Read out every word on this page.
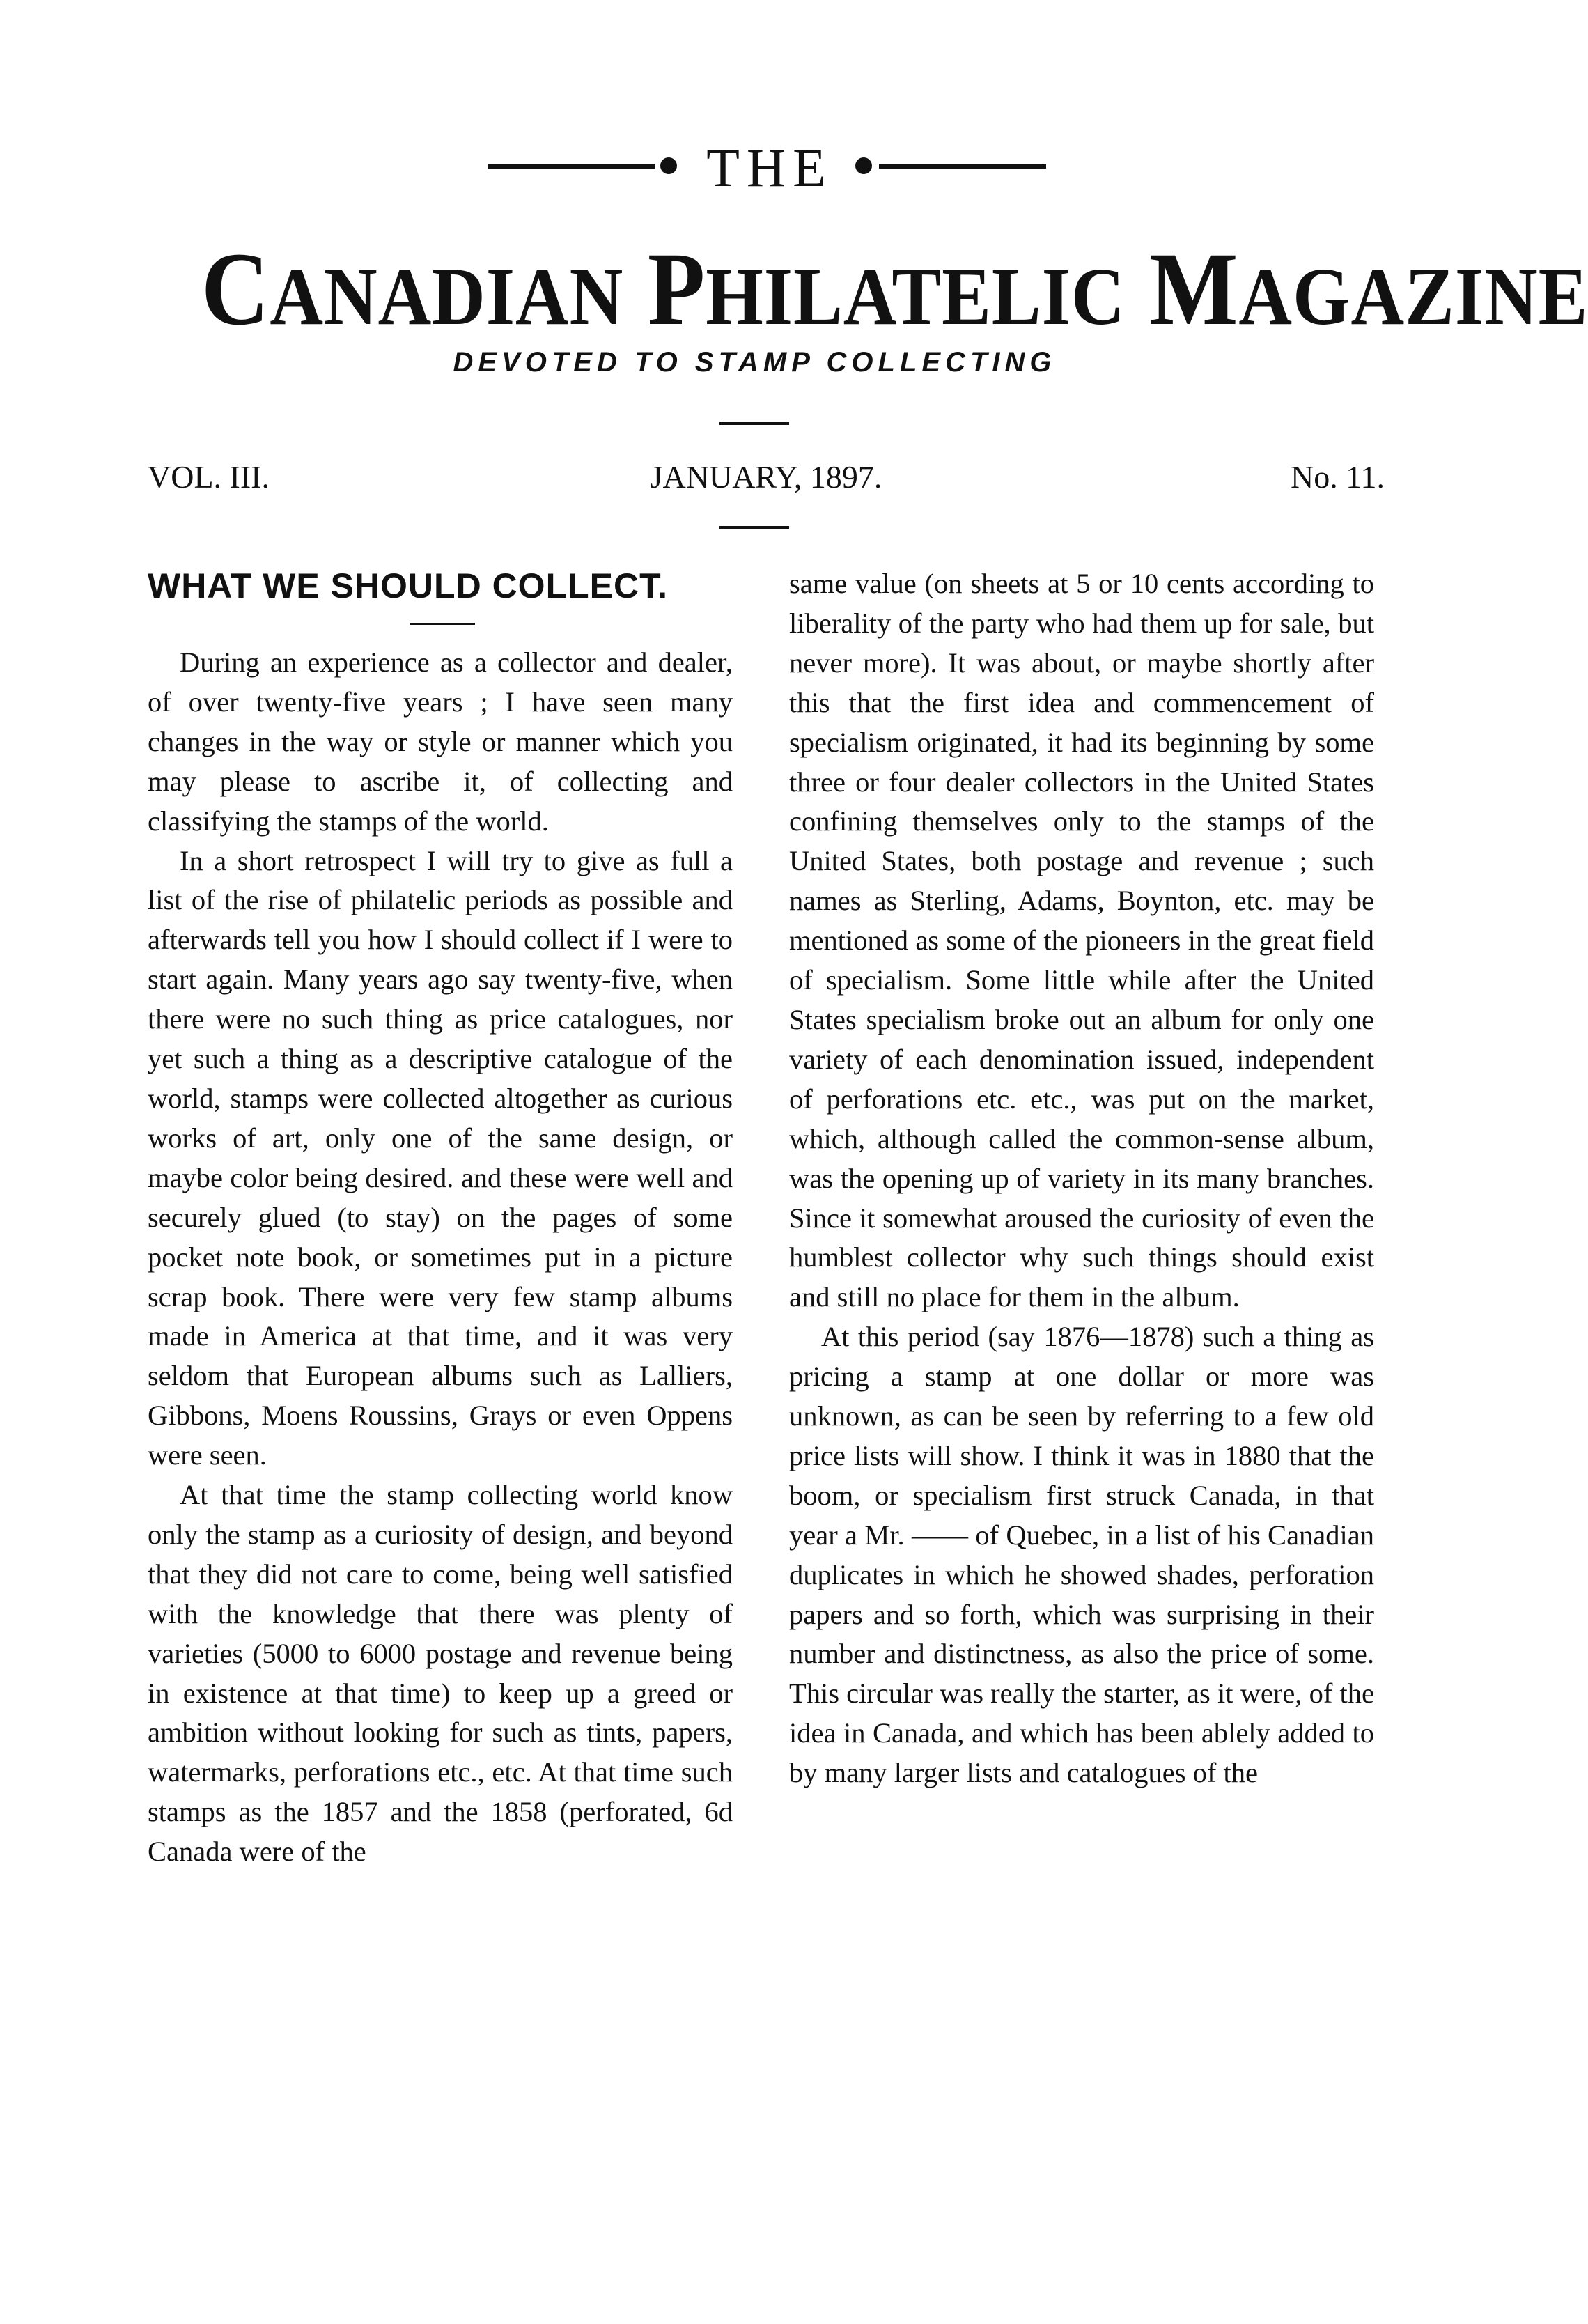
THE
CANADIAN PHILATELIC MAGAZINE
DEVOTED TO STAMP COLLECTING
VOL. III.	JANUARY, 1897.	No. 11.
WHAT WE SHOULD COLLECT.

During an experience as a collector and dealer, of over twenty-five years ; I have seen many changes in the way or style or manner which you may please to ascribe it, of collecting and classifying the stamps of the world.

In a short retrospect I will try to give as full a list of the rise of philatelic periods as possible and afterwards tell you how I should collect if I were to start again. Many years ago say twenty-five, when there were no such thing as price catalogues, nor yet such a thing as a descriptive catalogue of the world, stamps were collected altogether as curious works of art, only one of the same design, or maybe color being desired. and these were well and securely glued (to stay) on the pages of some pocket note book, or sometimes put in a picture scrap book. There were very few stamp albums made in America at that time, and it was very seldom that European albums such as Lalliers, Gibbons, Moens Roussins, Grays or even Oppens were seen.

At that time the stamp collecting world know only the stamp as a curiosity of design, and beyond that they did not care to come, being well satisfied with the knowledge that there was plenty of varieties (5000 to 6000 postage and revenue being in existence at that time) to keep up a greed or ambition without looking for such as tints, papers, watermarks, perforations etc., etc. At that time such stamps as the 1857 and the 1858 (perforated, 6d Canada were of the

same value (on sheets at 5 or 10 cents according to liberality of the party who had them up for sale, but never more). It was about, or maybe shortly after this that the first idea and commencement of specialism originated, it had its beginning by some three or four dealer collectors in the United States confining themselves only to the stamps of the United States, both postage and revenue ; such names as Sterling, Adams, Boynton, etc. may be mentioned as some of the pioneers in the great field of specialism. Some little while after the United States specialism broke out an album for only one variety of each denomination issued, independent of perforations etc. etc., was put on the market, which, although called the common-sense album, was the opening up of variety in its many branches. Since it somewhat aroused the curiosity of even the humblest collector why such things should exist and still no place for them in the album.

At this period (say 1876—1878) such a thing as pricing a stamp at one dollar or more was unknown, as can be seen by referring to a few old price lists will show. I think it was in 1880 that the boom, or specialism first struck Canada, in that year a Mr. —— of Quebec, in a list of his Canadian duplicates in which he showed shades, perforation papers and so forth, which was surprising in their number and distinctness, as also the price of some. This circular was really the starter, as it were, of the idea in Canada, and which has been ablely added to by many larger lists and catalogues of the
